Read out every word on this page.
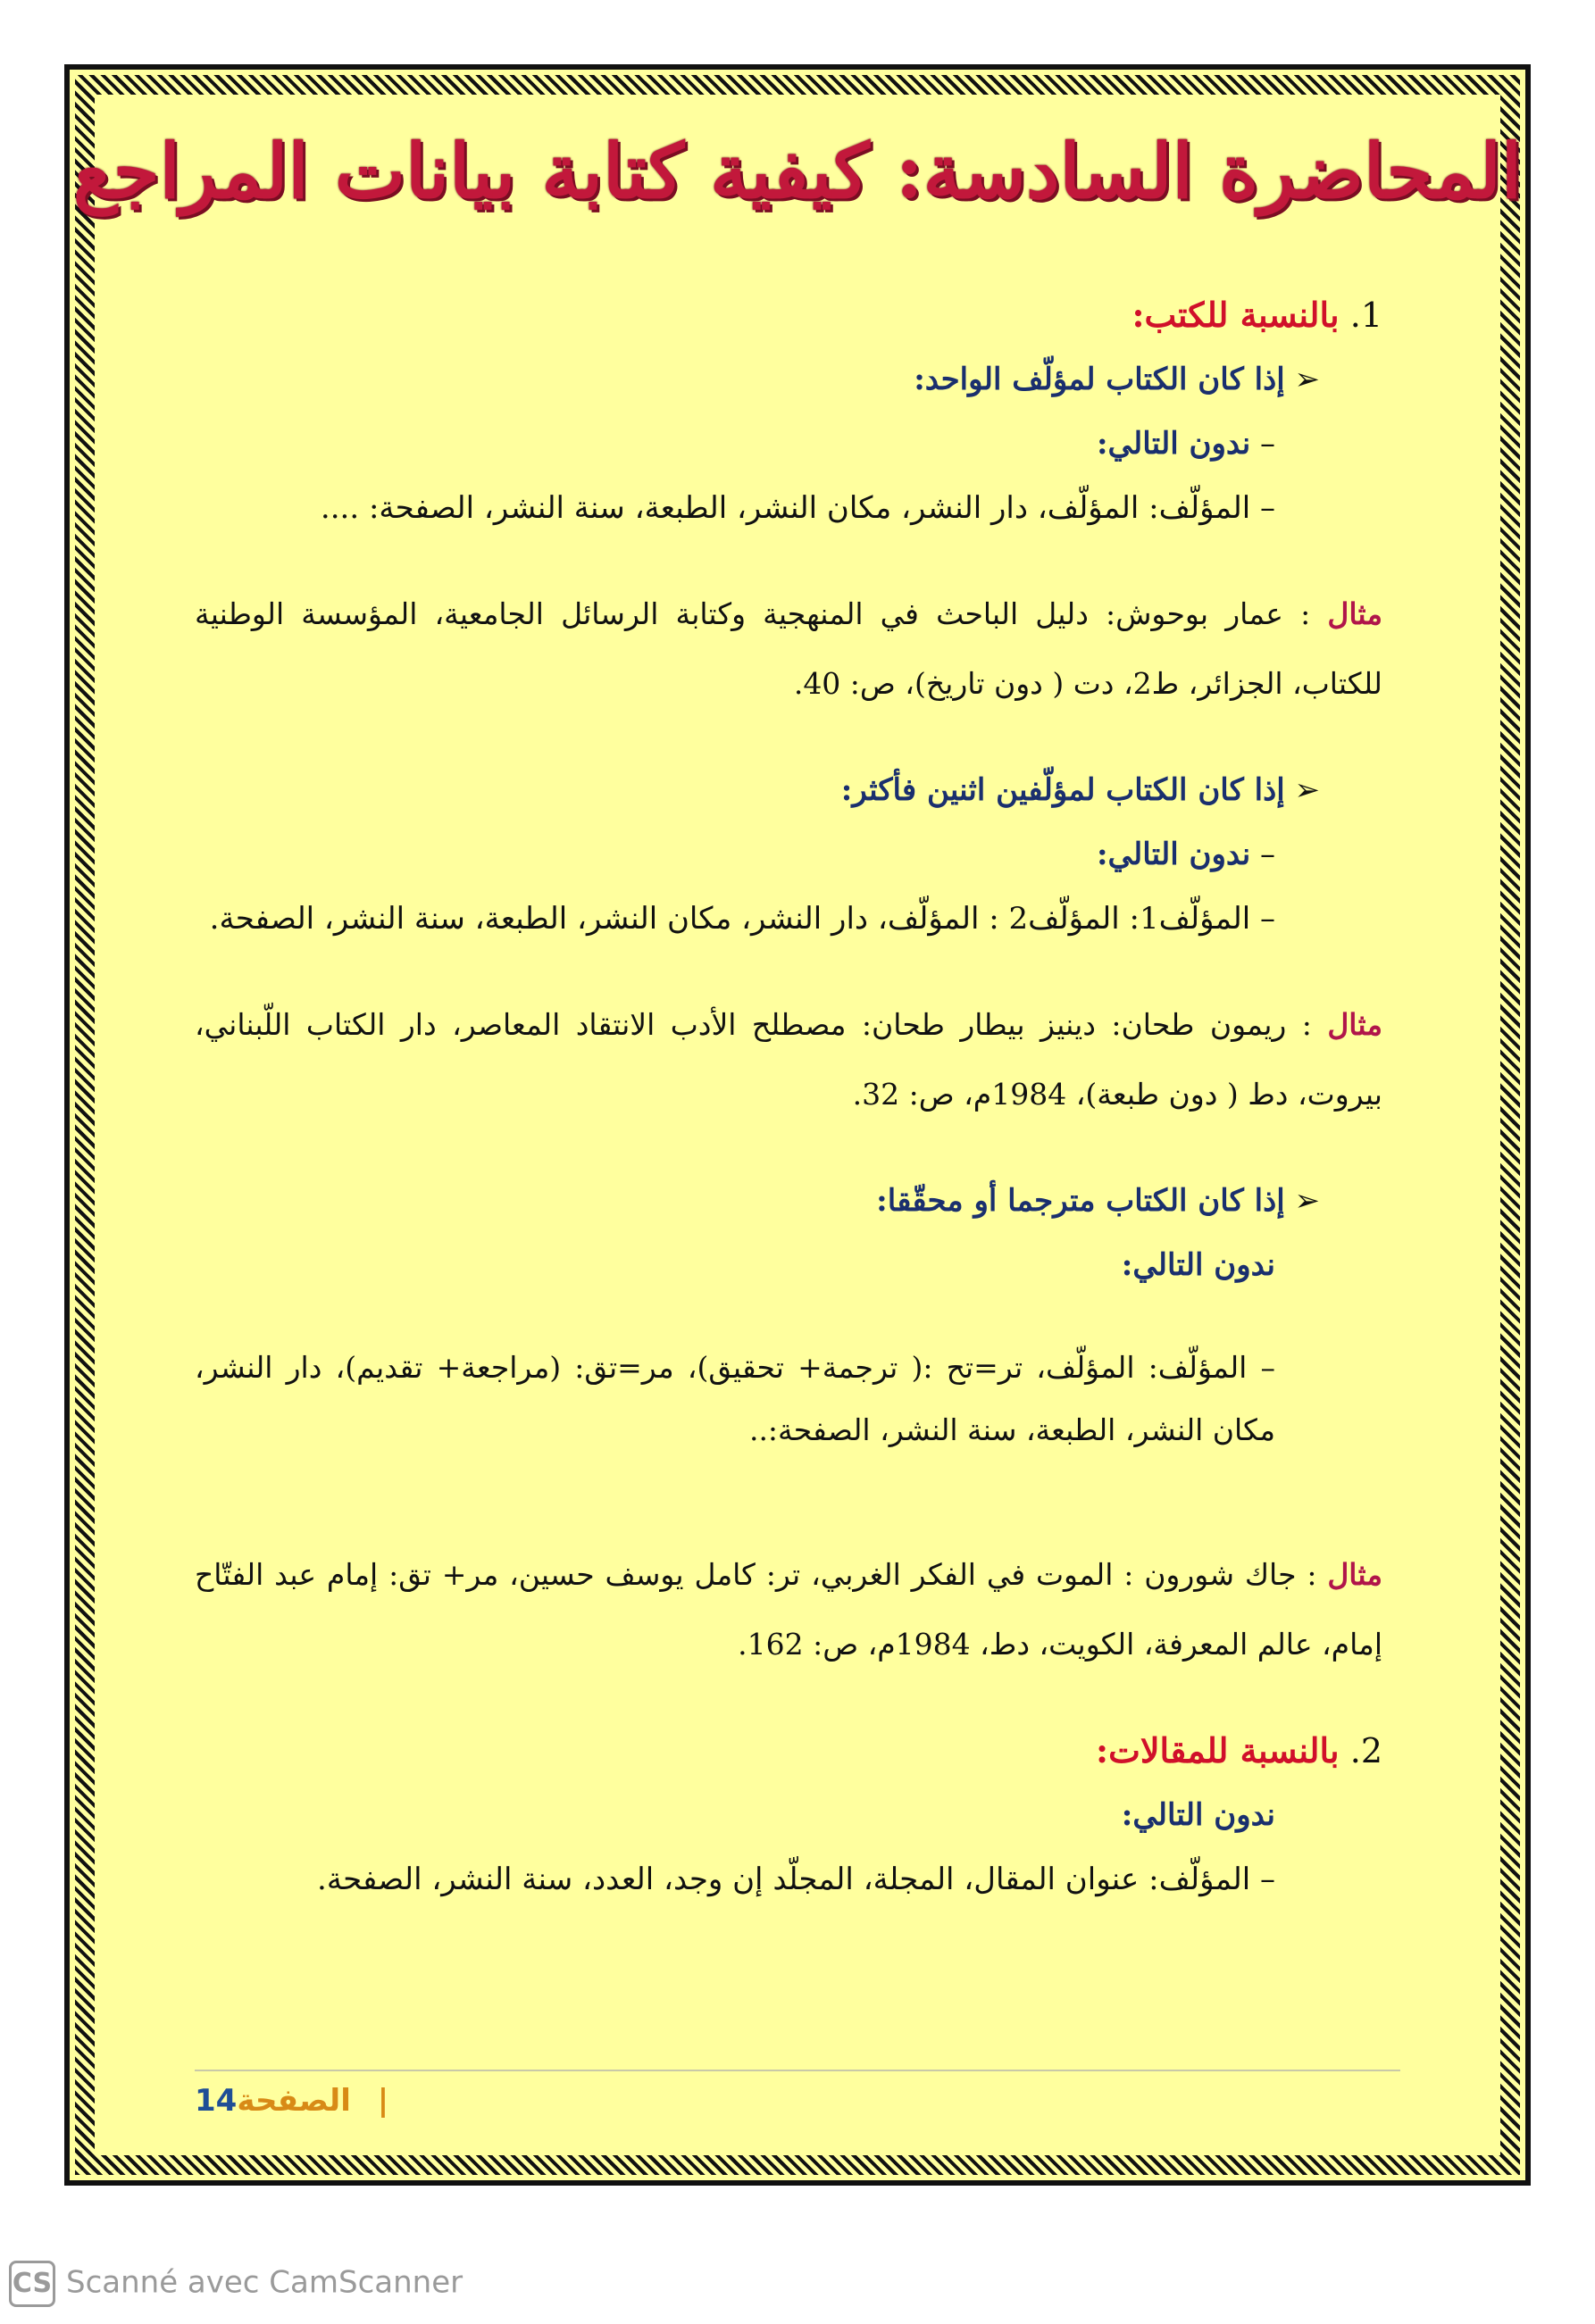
المحاضرة السادسة: كيفية كتابة بيانات المراجع

1. بالنسبة للكتب:

➢ إذا كان الكتاب لمؤلّف الواحد:

– ندون التالي:

– المؤلّف: المؤلّف، دار النشر، مكان النشر، الطبعة، سنة النشر، الصفحة: ....

مثال : عمار بوحوش: دليل الباحث في المنهجية وكتابة الرسائل الجامعية، المؤسسة الوطنية للكتاب، الجزائر، ط2، دت ( دون تاريخ)، ص: 40.

➢ إذا كان الكتاب لمؤلّفين اثنين فأكثر:

– ندون التالي:

– المؤلّف1: المؤلّف2 : المؤلّف، دار النشر، مكان النشر، الطبعة، سنة النشر، الصفحة.

مثال : ريمون طحان: دينيز بيطار طحان: مصطلح الأدب الانتقاد المعاصر، دار الكتاب اللّبناني، بيروت، دط ( دون طبعة)، 1984م، ص: 32.

➢ إذا كان الكتاب مترجما أو محقّقا:

ندون التالي:

– المؤلّف: المؤلّف، تر=تح :( ترجمة+ تحقيق)، مر=تق: (مراجعة+ تقديم)، دار النشر، مكان النشر، الطبعة، سنة النشر، الصفحة:..

مثال : جاك شورون : الموت في الفكر الغربي، تر: كامل يوسف حسين، مر+ تق: إمام عبد الفتّاح إمام، عالم المعرفة، الكويت، دط، 1984م، ص: 162.

2. بالنسبة للمقالات:

ندون التالي:

– المؤلّف: عنوان المقال، المجلة، المجلّد إن وجد، العدد، سنة النشر، الصفحة.

14الصفحة |
CS Scanné avec CamScanner
